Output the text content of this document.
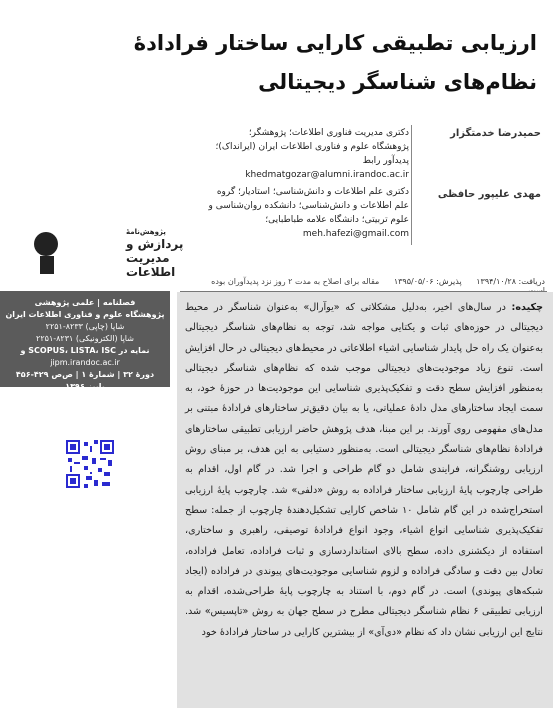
ارزیابی تطبیقی کارایی ساختار فرادادهٔ
نظام‌های شناسگر دیجیتالی
حمیدرضا خدمتگزار
دکتری مدیریت فناوری اطلاعات؛ پژوهشگر؛
پژوهشگاه علوم و فناوری اطلاعات ایران (ایرانداک)؛
پدیدآور رابط
khedmatgozar@alumni.irandoc.ac.ir
مهدی علیپور حافظی
دکتری علم اطلاعات و دانش‌شناسی؛ استادیار؛ گروه
علم اطلاعات و دانش‌شناسی؛ دانشکده روان‌شناسی و
علوم تربیتی؛ دانشگاه علامه طباطبایی؛
meh.hafezi@gmail.com
پژوهش‌نامهٔ
پردازش و
مدیریت
اطلاعات
دریافت: ۱۳۹۴/۱۰/۲۸ پذیرش: ۱۳۹۵/۰۵/۰۶ مقاله برای اصلاح به مدت ۲ روز نزد پدیدآوران بوده
فصلنامه | علمی پژوهشی
پژوهشگاه علوم و فناوری اطلاعات ایران
شاپا (چاپی) ۸۲۳۳-۲۲۵۱
شاپا (الکترونیکی) ۸۲۳۱-۲۲۵۱
نمایه در SCOPUS، LISTA، ISC و
jipm.irandoc.ac.ir
دورهٔ ۳۲ | شمارهٔ ۱ | ص‌ص ۴۲۹-۴۵۶
پاییز ۱۳۹۶
چکیده: در سال‌های اخیر، به‌دلیل مشکلاتی که «یوآرال» به‌عنوان شناسگر در محیط دیجیتالی در حوزه‌های ثبات و یکتایی مواجه شد، توجه به نظام‌های شناسگر دیجیتالی به‌عنوان یک راه حل پایدار شناسایی اشیاء اطلاعاتی در محیط‌های دیجیتالی در حال افزایش است. تنوع زیاد موجودیت‌های دیجیتالی موجب شده که نظام‌های شناسگر دیجیتالی به‌منظور افزایش سطح دقت و تفکیک‌پذیری شناسایی این موجودیت‌ها در حوزهٔ خود، به سمت ایجاد ساختارهای مدل دادهٔ عملیاتی، یا به بیان دقیق‌تر ساختارهای فرادادهٔ مبتنی بر مدل‌های مفهومی روی آورند. بر این مبنا، هدف پژوهش حاضر ارزیابی تطبیقی ساختارهای فرادادهٔ نظام‌های شناسگر دیجیتالی است. به‌منظور دستیابی به این هدف، بر مبنای روش ارزیابی روشنگرانه، فرایندی شامل دو گام طراحی و اجرا شد. در گام اول، اقدام به طراحی چارچوب پایهٔ ارزیابی ساختار فراداده به روش «دلفی» شد. چارچوب پایهٔ ارزیابی استخراج‌شده در این گام شامل ۱۰ شاخص کارایی تشکیل‌دهندهٔ چارچوب از جمله: سطح تفکیک‌پذیری شناسایی انواع اشیاء، وجود انواع فرادادهٔ توصیفی، راهبری و ساختاری، استفاده از دیکشنری داده، سطح بالای استانداردسازی و ثبات فراداده، تعامل فراداده، تعادل بین دقت و سادگی فراداده و لزوم شناسایی موجودیت‌های پیوندی در فراداده (ایجاد شبکه‌های پیوندی) است. در گام دوم، با استناد به چارچوب پایهٔ طراحی‌شده، اقدام به ارزیابی تطبیقی ۶ نظام شناسگر دیجیتالی مطرح در سطح جهان به روش «تاپسیس» شد. نتایج این ارزیابی نشان داد که نظام «دی‌آی» از بیشترین کارایی در ساختار فرادادهٔ خود
